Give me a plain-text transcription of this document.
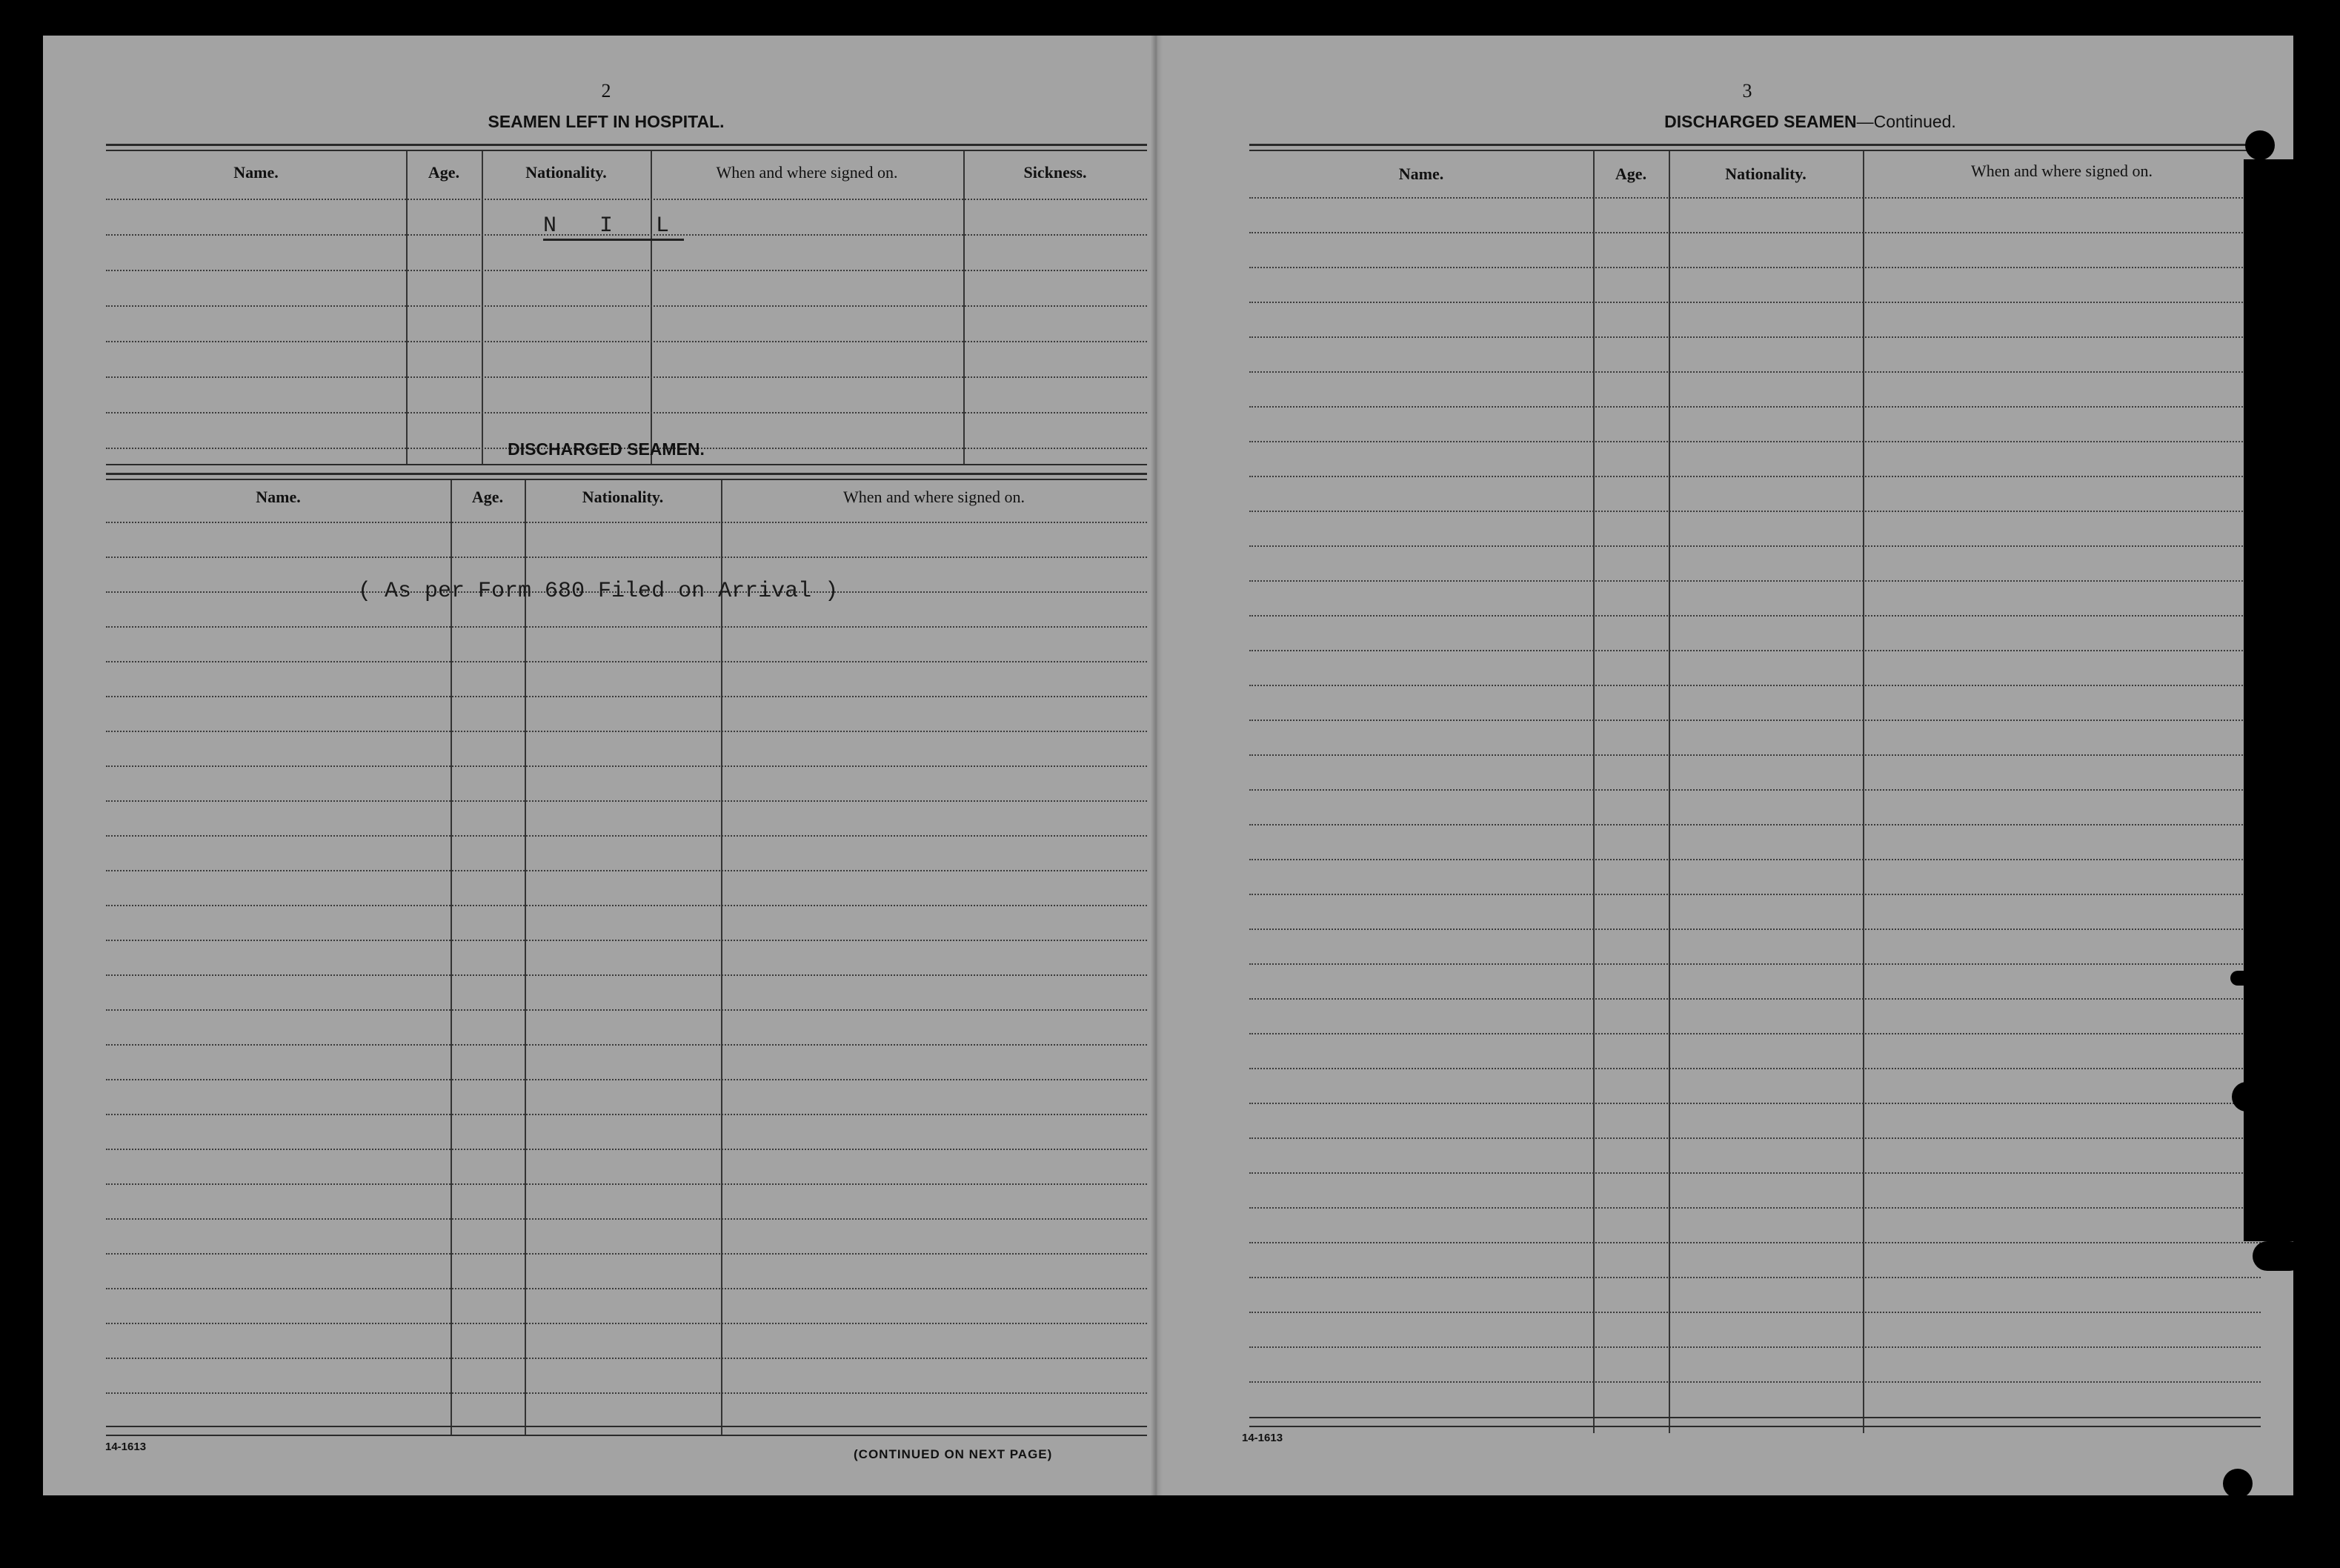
2
SEAMEN LEFT IN HOSPITAL.
Name.	Age.	Nationality.	When and where signed on.	Sickness.
N I L
DISCHARGED SEAMEN.
Name.	Age.	Nationality.	When and where signed on.
( As per Form 680 Filed on Arrival )
14-1613
(CONTINUED ON NEXT PAGE)
3
DISCHARGED SEAMEN—Continued.
Name.	Age.	Nationality.	When and where signed on.
14-1613
